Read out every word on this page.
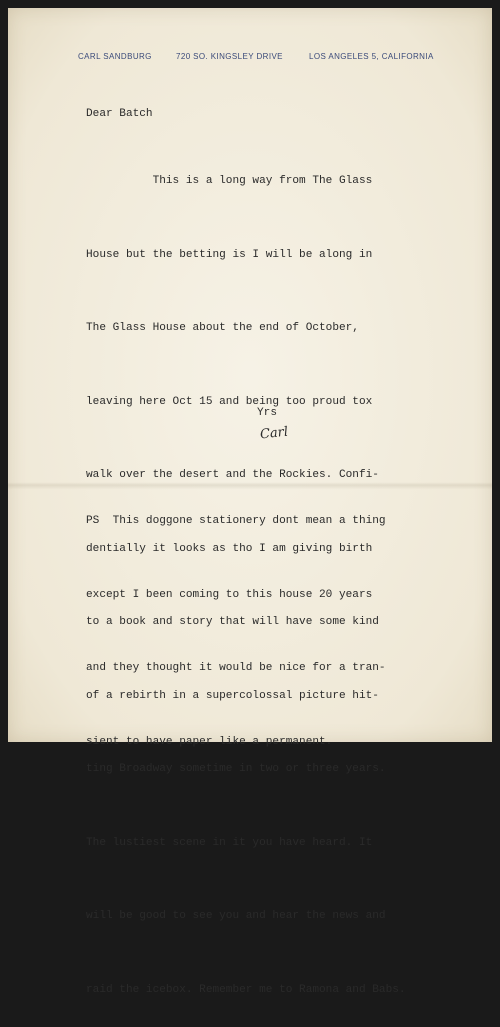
CARL SANDBURG	720 SO. KINGSLEY DRIVE	LOS ANGELES 5, CALIFORNIA
Dear Batch

This is a long way from The Glass

House but the betting is I will be along in

The Glass House about the end of October,

leaving here Oct 15 and being too proud tox

walk over the desert and the Rockies. Confi-

dentially it looks as tho I am giving birth

to a book and story that will have some kind

of a rebirth in a supercolossal picture hit-

ting Broadway sometime in two or three years.

The lustiest scene in it you have heard. It

will be good to see you and hear the news and

raid the icebox. Remember me to Ramona and Babs.

Yrs
Carl

PS  This doggone stationery dont mean a thing

except I been coming to this house 20 years

and they thought it would be nice for a tran-

sient to have paper like a permanent.
